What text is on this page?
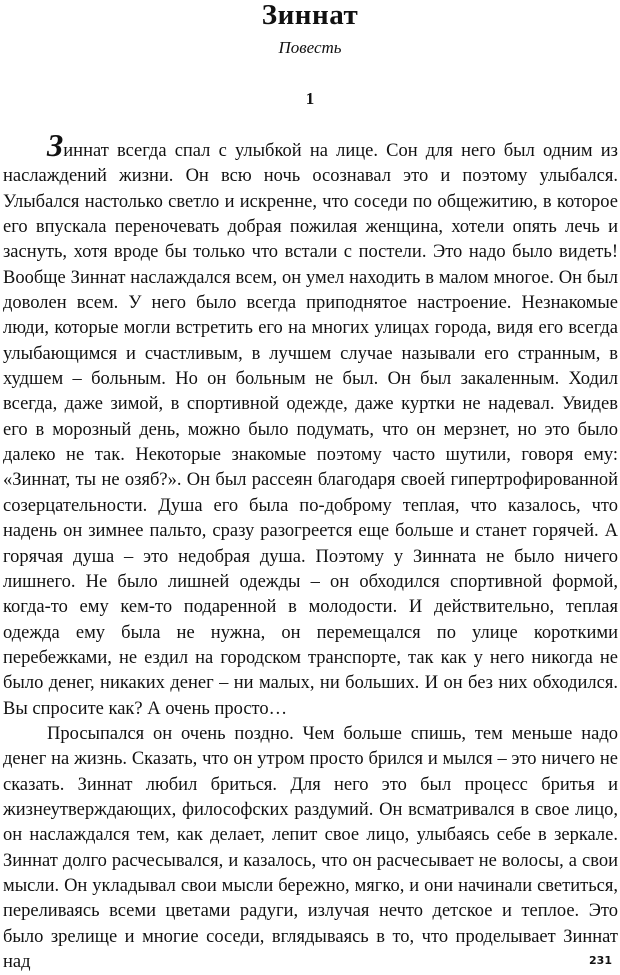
Зиннат
Повесть
1

Зиннат всегда спал с улыбкой на лице. Сон для него был одним из наслаждений жизни. Он всю ночь осознавал это и поэтому улыбался. Улыбался настолько светло и искренне, что соседи по общежитию, в которое его впускала переночевать добрая пожилая женщина, хотели опять лечь и заснуть, хотя вроде бы только что встали с постели. Это надо было видеть! Вообще Зиннат наслаждался всем, он умел находить в малом многое. Он был доволен всем. У него было всегда приподнятое настроение. Незнакомые люди, которые могли встретить его на многих улицах города, видя его всегда улыбающимся и счастливым, в лучшем случае называли его странным, в худшем – больным. Но он больным не был. Он был закаленным. Ходил всегда, даже зимой, в спортивной одежде, даже куртки не надевал. Увидев его в морозный день, можно было подумать, что он мерзнет, но это было далеко не так. Некоторые знакомые поэтому часто шутили, говоря ему: «Зиннат, ты не озяб?». Он был рассеян благодаря своей гипертрофированной созерцательности. Душа его была по-доброму теплая, что казалось, что надень он зимнее пальто, сразу разогреется еще больше и станет горячей. А горячая душа – это недобрая душа. Поэтому у Зинната не было ничего лишнего. Не было лишней одежды – он обходился спортивной формой, когда-то ему кем-то подаренной в молодости. И действительно, теплая одежда ему была не нужна, он перемещался по улице короткими перебежками, не ездил на городском транспорте, так как у него никогда не было денег, никаких денег – ни малых, ни больших. И он без них обходился. Вы спросите как? А очень просто…

Просыпался он очень поздно. Чем больше спишь, тем меньше надо денег на жизнь. Сказать, что он утром просто брился и мылся – это ничего не сказать. Зиннат любил бриться. Для него это был процесс бритья и жизнеутверждающих, философских раздумий. Он всматривался в свое лицо, он наслаждался тем, как делает, лепит свое лицо, улыбаясь себе в зеркале. Зиннат долго расчесывался, и казалось, что он расчесывает не волосы, а свои мысли. Он укладывал свои мысли бережно, мягко, и они начинали светиться, переливаясь всеми цветами радуги, излучая нечто детское и теплое. Это было зрелище и многие соседи, вглядываясь в то, что проделывает Зиннат над	231
